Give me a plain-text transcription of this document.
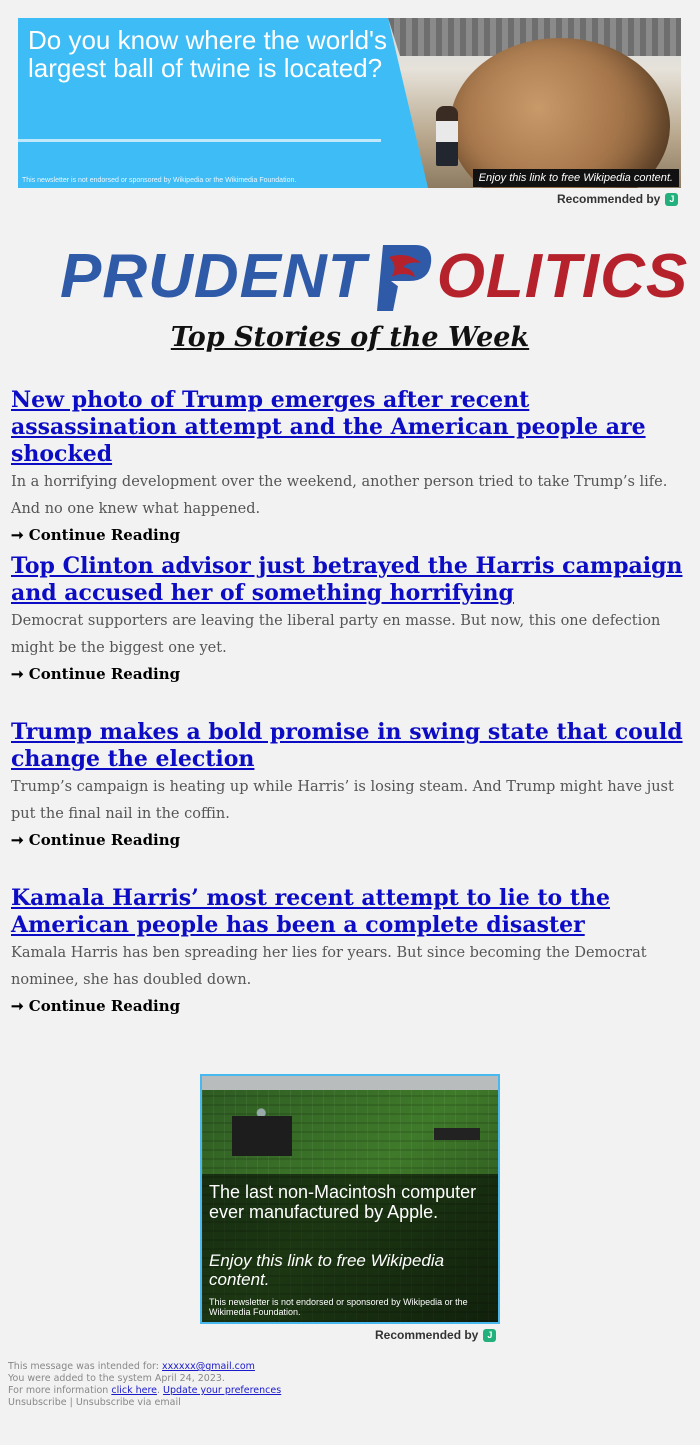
Do you know where the world's largest ball of twine is located?

This newsletter is not endorsed or sponsored by Wikipedia or the Wikimedia Foundation.	Enjoy this link to free Wikipedia content.
Recommended by J
PRUDENT OLITICS
Top Stories of the Week
New photo of Trump emerges after recent assassination attempt and the American people are shocked

In a horrifying development over the weekend, another person tried to take Trump’s life. And no one knew what happened.

➞ Continue Reading
Top Clinton advisor just betrayed the Harris campaign and accused her of something horrifying

Democrat supporters are leaving the liberal party en masse. But now, this one defection might be the biggest one yet.

➞ Continue Reading
Trump makes a bold promise in swing state that could change the election

Trump’s campaign is heating up while Harris’ is losing steam. And Trump might have just put the final nail in the coffin.

➞ Continue Reading
Kamala Harris’ most recent attempt to lie to the American people has been a complete disaster

Kamala Harris has ben spreading her lies for years. But since becoming the Democrat nominee, she has doubled down.

➞ Continue Reading
The last non-Macintosh computer ever manufactured by Apple.
Enjoy this link to free Wikipedia content.
This newsletter is not endorsed or sponsored by Wikipedia or the Wikimedia Foundation.
Recommended by J
This message was intended for: xxxxxx@gmail.com
You were added to the system April 24, 2023.
For more information click here. Update your preferences
Unsubscribe | Unsubscribe via email
